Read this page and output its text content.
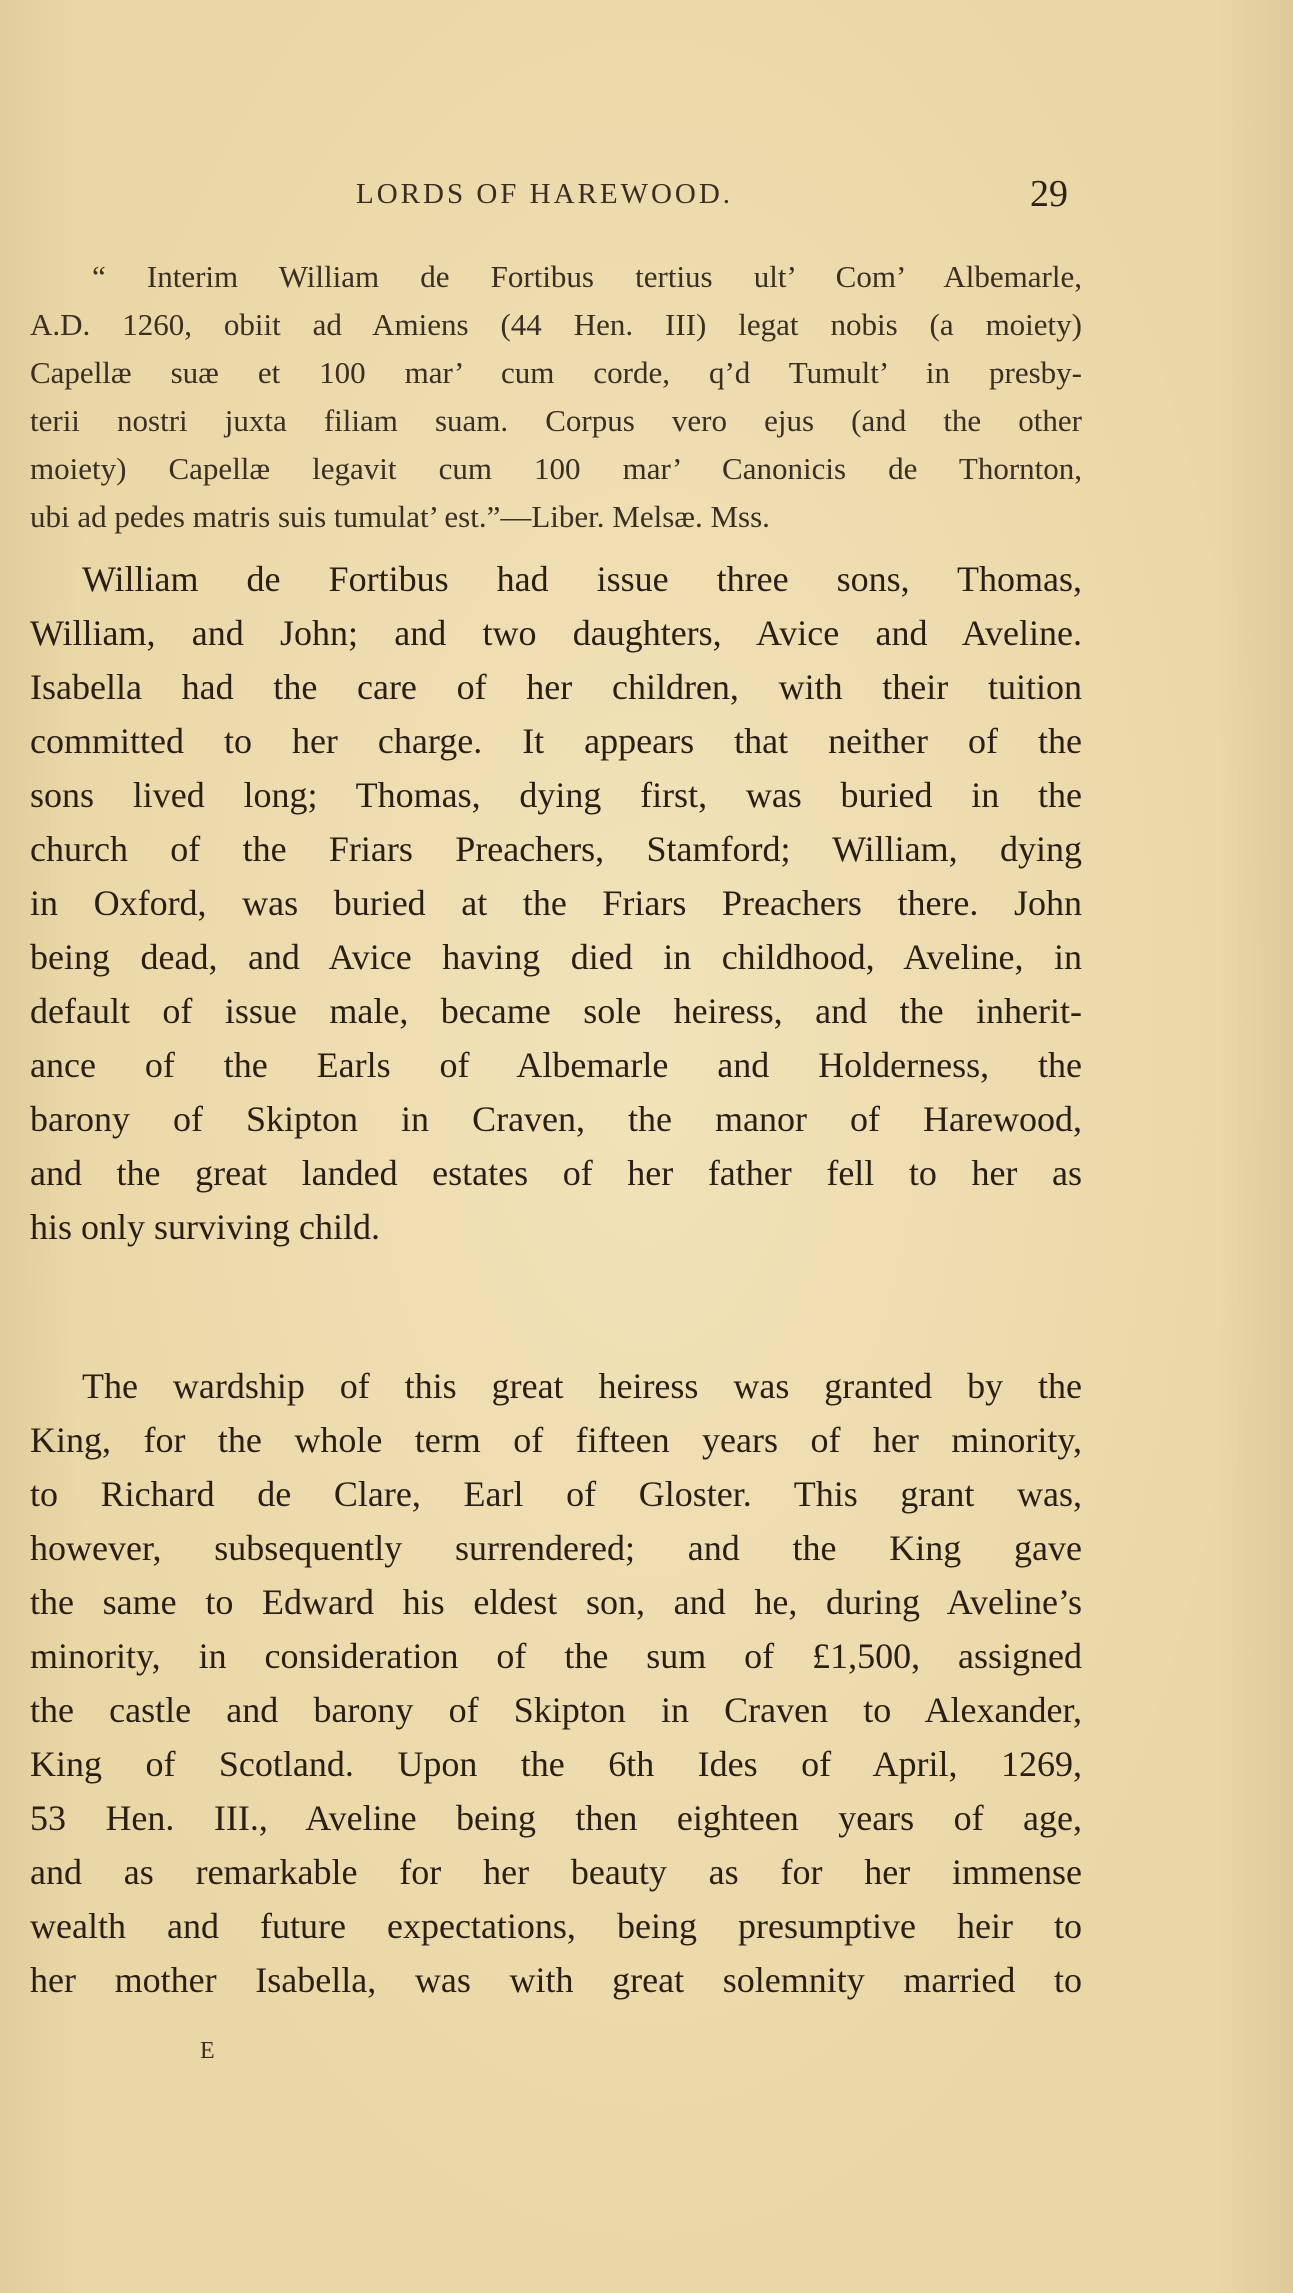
LORDS OF HAREWOOD.	29
“ Interim William de Fortibus tertius ult’ Com’ Albemarle,
A.D. 1260, obiit ad Amiens (44 Hen. III) legat nobis (a moiety)
Capellæ suæ et 100 mar’ cum corde, q’d Tumult’ in presby-
terii nostri juxta filiam suam. Corpus vero ejus (and the other
moiety) Capellæ legavit cum 100 mar’ Canonicis de Thornton,
ubi ad pedes matris suis tumulat’ est.”—Liber. Melsæ. Mss.
William de Fortibus had issue three sons, Thomas,
William, and John; and two daughters, Avice and Aveline.
Isabella had the care of her children, with their tuition
committed to her charge. It appears that neither of the
sons lived long; Thomas, dying first, was buried in the
church of the Friars Preachers, Stamford; William, dying
in Oxford, was buried at the Friars Preachers there. John
being dead, and Avice having died in childhood, Aveline, in
default of issue male, became sole heiress, and the inherit-
ance of the Earls of Albemarle and Holderness, the
barony of Skipton in Craven, the manor of Harewood,
and the great landed estates of her father fell to her as
his only surviving child.
The wardship of this great heiress was granted by the
King, for the whole term of fifteen years of her minority,
to Richard de Clare, Earl of Gloster. This grant was,
however, subsequently surrendered; and the King gave
the same to Edward his eldest son, and he, during Aveline’s
minority, in consideration of the sum of £1,500, assigned
the castle and barony of Skipton in Craven to Alexander,
King of Scotland. Upon the 6th Ides of April, 1269,
53 Hen. III., Aveline being then eighteen years of age,
and as remarkable for her beauty as for her immense
wealth and future expectations, being presumptive heir to
her mother Isabella, was with great solemnity married to
E
